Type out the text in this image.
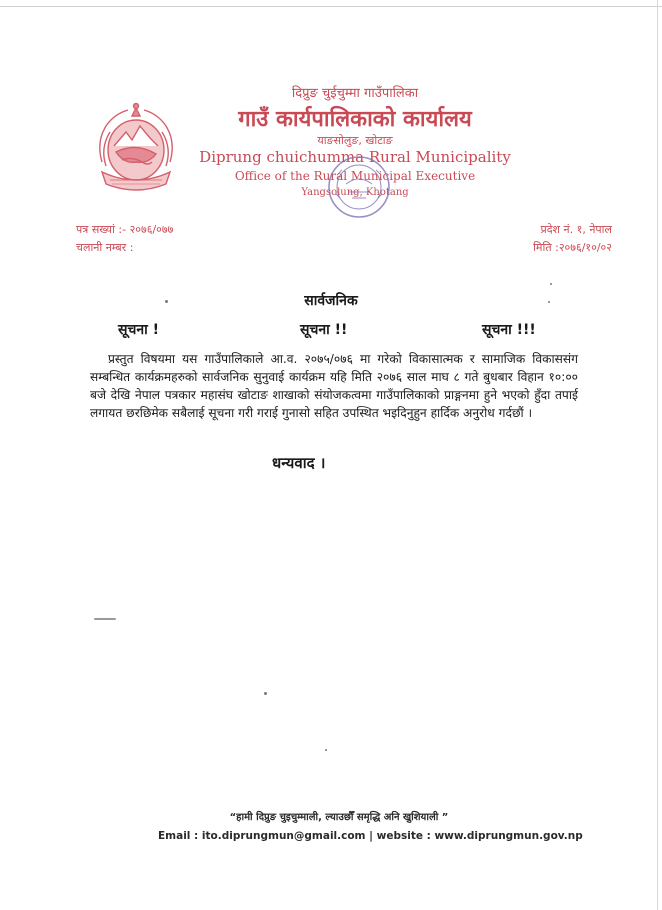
दिप्रुङ चुईचुम्मा गाउँपालिका
गाउँ कार्यपालिकाको कार्यालय
याङसोलुङ, खोटाङ
Diprung chuichumma Rural Municipality
Office of the Rural Municipal Executive
Yangsolung, Khotang
पत्र सख्यां :- २०७६/०७७
चलानी नम्बर :
प्रदेश नं. १, नेपाल
मिति :२०७६/१०/०२
सार्वजनिक
सूचना !	सूचना !!	सूचना !!!
प्रस्तुत विषयमा यस गाउँपालिकाले आ.व. २०७५/०७६ मा गरेको विकासात्मक र सामाजिक विकाससंग सम्बन्धित कार्यक्रमहरुको सार्वजनिक सुनुवाई कार्यक्रम यहि मिति २०७६ साल माघ ८ गते बुधबार विहान १०:०० बजे देखि नेपाल पत्रकार महासंघ खोटाङ शाखाको संयोजकत्वमा गाउँपालिकाको प्राङ्गनमा हुने भएको हुँदा तपाई लगायत छरछिमेक सबैलाई सूचना गरी गराई गुनासो सहित उपस्थित भइदिनुहुन हार्दिक अनुरोध गर्दछौं ।
धन्यवाद ।
“हामी दिप्रुङ चुइचुम्माली, ल्याउछौँ समृद्धि अनि खुशियाली ”
Email : ito.diprungmun@gmail.com | website : www.diprungmun.gov.np
